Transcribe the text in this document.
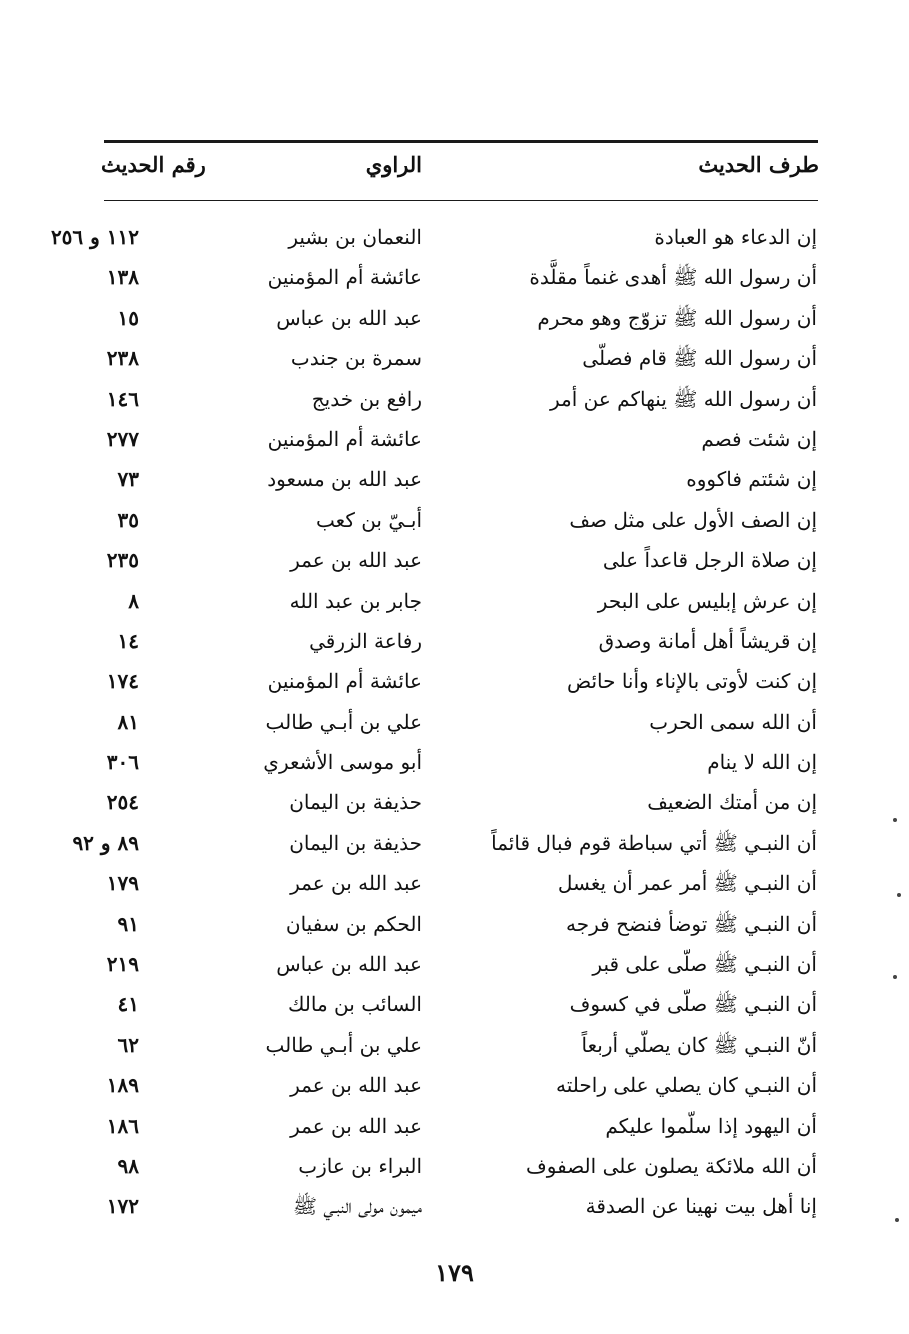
طرف الحديث
الراوي
رقم الحديث
إن الدعاء هو العبادة
النعمان بن بشير
١١٢ و ٢٥٦
أن رسول الله ﷺ أهدى غنماً مقلَّدة
عائشة أم المؤمنين
١٣٨
أن رسول الله ﷺ تزوّج وهو محرم
عبد الله بن عباس
١٥
أن رسول الله ﷺ قام فصلّى
سمرة بن جندب
٢٣٨
أن رسول الله ﷺ ينهاكم عن أمر
رافع بن خديج
١٤٦
إن شئت فصم
عائشة أم المؤمنين
٢٧٧
إن شئتم فاكووه
عبد الله بن مسعود
٧٣
إن الصف الأول على مثل صف
أبـيّ بن كعب
٣٥
إن صلاة الرجل قاعداً على
عبد الله بن عمر
٢٣٥
إن عرش إبليس على البحر
جابر بن عبد الله
٨
إن قريشاً أهل أمانة وصدق
رفاعة الزرقي
١٤
إن كنت لأوتى بالإناء وأنا حائض
عائشة أم المؤمنين
١٧٤
أن الله سمى الحرب
علي بن أبـي طالب
٨١
إن الله لا ينام
أبو موسى الأشعري
٣٠٦
إن من أمتك الضعيف
حذيفة بن اليمان
٢٥٤
أن النبـي ﷺ أتي سباطة قوم فبال قائماً
حذيفة بن اليمان
٨٩ و ٩٢
أن النبـي ﷺ أمر عمر أن يغسل
عبد الله بن عمر
١٧٩
أن النبـي ﷺ توضأ فنضح فرجه
الحكم بن سفيان
٩١
أن النبـي ﷺ صلّى على قبر
عبد الله بن عباس
٢١٩
أن النبـي ﷺ صلّى في كسوف
السائب بن مالك
٤١
أنّ النبـي ﷺ كان يصلّي أربعاً
علي بن أبـي طالب
٦٢
أن النبـي كان يصلي على راحلته
عبد الله بن عمر
١٨٩
أن اليهود إذا سلّموا عليكم
عبد الله بن عمر
١٨٦
أن الله ملائكة يصلون على الصفوف
البراء بن عازب
٩٨
إنا أهل بيت نهينا عن الصدقة
ميمون مولى النبـي ﷺ
١٧٢
١٧٩
